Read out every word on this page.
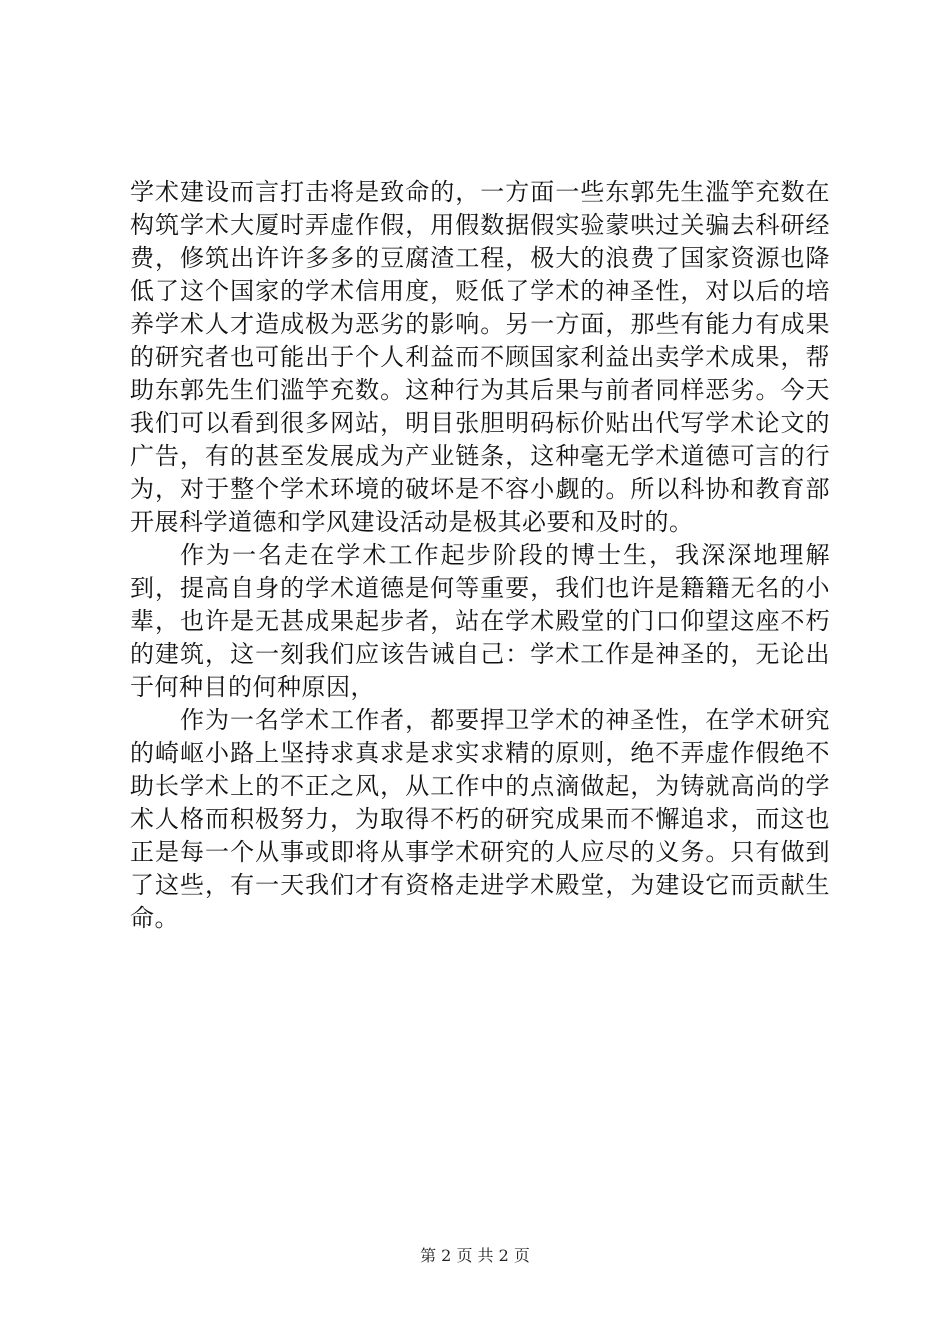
学术建设而言打击将是致命的，一方面一些东郭先生滥竽充数在构筑学术大厦时弄虚作假，用假数据假实验蒙哄过关骗去科研经费，修筑出许许多多的豆腐渣工程，极大的浪费了国家资源也降低了这个国家的学术信用度，贬低了学术的神圣性，对以后的培养学术人才造成极为恶劣的影响。另一方面，那些有能力有成果的研究者也可能出于个人利益而不顾国家利益出卖学术成果，帮助东郭先生们滥竽充数。这种行为其后果与前者同样恶劣。今天我们可以看到很多网站，明目张胆明码标价贴出代写学术论文的广告，有的甚至发展成为产业链条，这种毫无学术道德可言的行为，对于整个学术环境的破坏是不容小觑的。所以科协和教育部开展科学道德和学风建设活动是极其必要和及时的。

作为一名走在学术工作起步阶段的博士生，我深深地理解到，提高自身的学术道德是何等重要，我们也许是籍籍无名的小辈，也许是无甚成果起步者，站在学术殿堂的门口仰望这座不朽的建筑，这一刻我们应该告诫自己：学术工作是神圣的，无论出于何种目的何种原因，

作为一名学术工作者，都要捍卫学术的神圣性，在学术研究的崎岖小路上坚持求真求是求实求精的原则，绝不弄虚作假绝不助长学术上的不正之风，从工作中的点滴做起，为铸就高尚的学术人格而积极努力，为取得不朽的研究成果而不懈追求，而这也正是每一个从事或即将从事学术研究的人应尽的义务。只有做到了这些，有一天我们才有资格走进学术殿堂，为建设它而贡献生命。

第 2 页 共 2 页
